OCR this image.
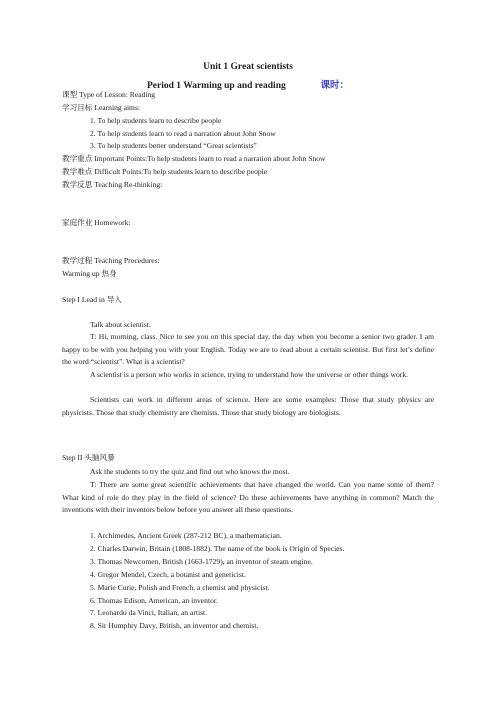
Unit 1 Great scientists
Period 1 Warming up and reading	课时：
课型 Type of Lesson: Reading
学习目标 Learning aims:
1. To help students learn to describe people
2. To help students learn to read a narration about John Snow
3. To help students better understand “Great scientists”
教学重点 Important Points:To help students learn to read a narration about John Snow
教学难点 Difficult Points:To help students learn to describe people
教学反思 Teaching Re-thinking:
家庭作业 Homework:
教学过程 Teaching Procedures:
Warming up 热身
Step I Lead in 导入
Talk about scientist.
T: Hi, morning, class. Nice to see you on this special day, the day when you become a senior two grader. I am happy to be with you helping you with your English. Today we are to read about a certain scientist. But first let’s define the word “scientist”. What is a scientist?
A scientist is a person who works in science, trying to understand how the universe or other things work.
Scientists can work in different areas of science. Here are some examples: Those that study physics are physicists. Those that study chemistry are chemists. Those that study biology are biologists.
Step II 头脑风暴
Ask the students to try the quiz and find out who knows the most.
T: There are some great scientific achievements that have changed the world. Can you name some of them? What kind of role do they play in the field of science? Do these achievements have anything in common? Match the inventions with their inventors below before you answer all these questions.
1. Archimedes, Ancient Greek (287-212 BC), a mathematician.
2. Charles Darwin, Britain (1808-1882). The name of the book is Origin of Species.
3. Thomas Newcomen, British (1663-1729), an inventor of steam engine.
4. Gregor Mendel, Czech, a botanist and geneticist.
5. Marie Curie, Polish and French, a chemist and physicist.
6. Thomas Edison, American, an inventor.
7. Leonardo da Vinci, Italian, an artist.
8. Sir Humphry Davy, British, an inventor and chemist.
